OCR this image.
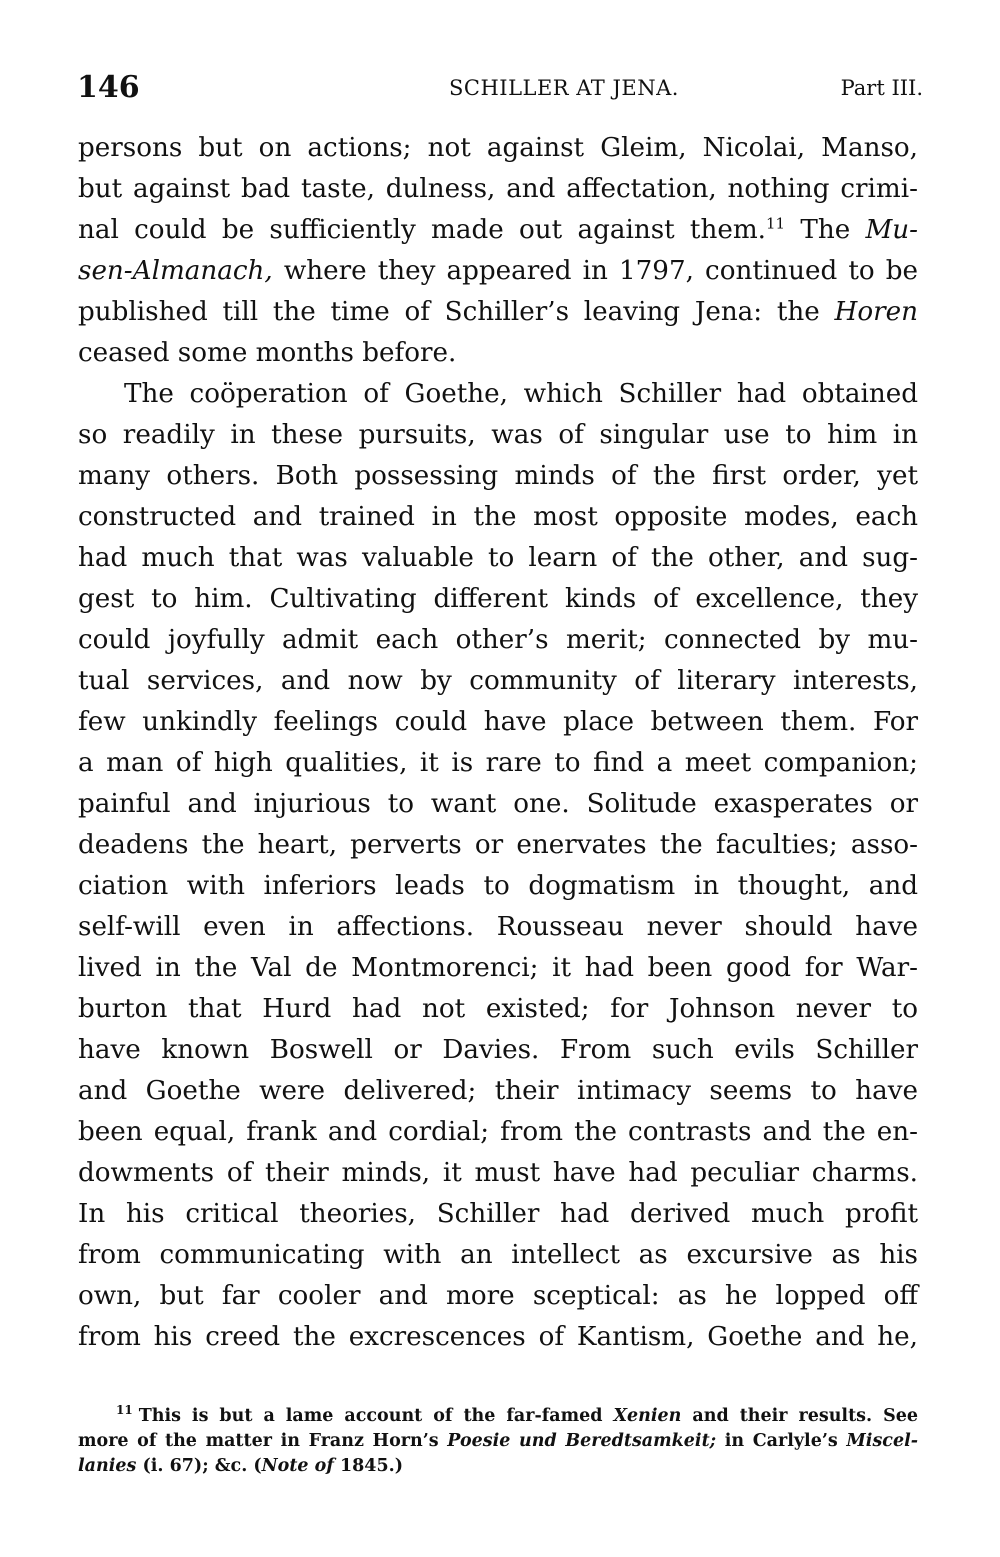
146	SCHILLER AT JENA.	Part III.
persons but on actions; not against Gleim, Nicolai, Manso,
but against bad taste, dulness, and affectation, nothing crimi-
nal could be sufficiently made out against them.$^{11}$ The Mu-
sen-Almanach, where they appeared in 1797, continued to be
published till the time of Schiller’s leaving Jena: the Horen
ceased some months before.
The coöperation of Goethe, which Schiller had obtained
so readily in these pursuits, was of singular use to him in
many others. Both possessing minds of the first order, yet
constructed and trained in the most opposite modes, each
had much that was valuable to learn of the other, and sug-
gest to him. Cultivating different kinds of excellence, they
could joyfully admit each other’s merit; connected by mu-
tual services, and now by community of literary interests,
few unkindly feelings could have place between them. For
a man of high qualities, it is rare to find a meet companion;
painful and injurious to want one. Solitude exasperates or
deadens the heart, perverts or enervates the faculties; asso-
ciation with inferiors leads to dogmatism in thought, and
self-will even in affections. Rousseau never should have
lived in the Val de Montmorenci; it had been good for War-
burton that Hurd had not existed; for Johnson never to
have known Boswell or Davies. From such evils Schiller
and Goethe were delivered; their intimacy seems to have
been equal, frank and cordial; from the contrasts and the en-
dowments of their minds, it must have had peculiar charms.
In his critical theories, Schiller had derived much profit
from communicating with an intellect as excursive as his
own, but far cooler and more sceptical: as he lopped off
from his creed the excrescences of Kantism, Goethe and he,
$^{11}$ This is but a lame account of the far-famed Xenien and their results. See
more of the matter in Franz Horn’s Poesie und Beredtsamkeit; in Carlyle’s Miscel-
lanies (i. 67); &c. (Note of 1845.)
